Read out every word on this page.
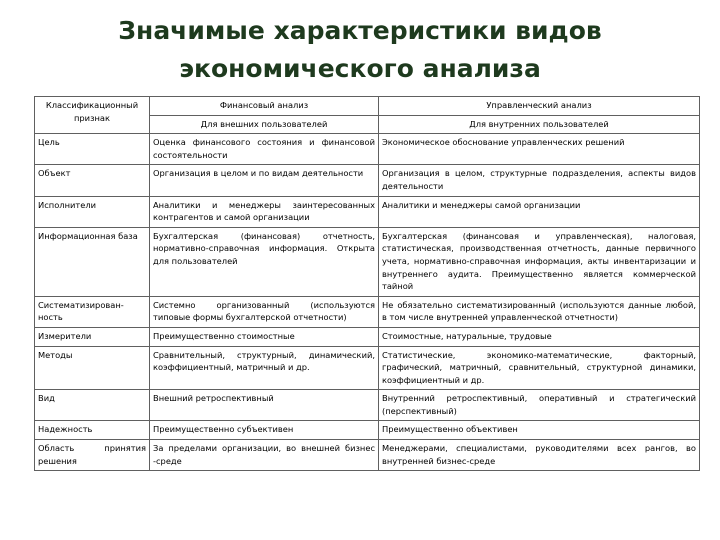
Значимые характеристики видов экономического анализа
Классификационный признак	Финансовый анализ	Управленческий анализ
	Для внешних пользователей	Для внутренних пользователей
Цель	Оценка финансового состояния и финансовой состоятельности	Экономическое обоснование управленческих решений
Объект	Организация в целом и по видам деятельности	Организация в целом, структурные подразделения, аспекты видов деятельности
Исполнители	Аналитики и менеджеры заинтересованных контрагентов и самой организации	Аналитики и менеджеры самой организации
Информационная база	Бухгалтерская (финансовая) отчетность, нормативно-справочная информация. Открыта для пользователей	Бухгалтерская (финансовая и управленческая), налоговая, статистическая, производственная отчетность, данные первичного учета, нормативно-справочная информация, акты инвентаризации и внутреннего аудита. Преимущественно является коммерческой тайной
Систематизирован-ность	Системно организованный (используются типовые формы бухгалтерской отчетности)	Не обязательно систематизированный (используются данные любой, в том числе внутренней управленческой отчетности)
Измерители	Преимущественно стоимостные	Стоимостные, натуральные, трудовые
Методы	Сравнительный, структурный, динамический, коэффициентный, матричный и др.	Статистические, экономико-математические, факторный, графический, матричный, сравнительный, структурной динамики, коэффициентный и др.
Вид	Внешний ретроспективный	Внутренний ретроспективный, оперативный и стратегический (перспективный)
Надежность	Преимущественно субъективен	Преимущественно объективен
Область принятия решения	За пределами организации, во внешней бизнес -среде	Менеджерами, специалистами, руководителями всех рангов, во внутренней бизнес-среде
